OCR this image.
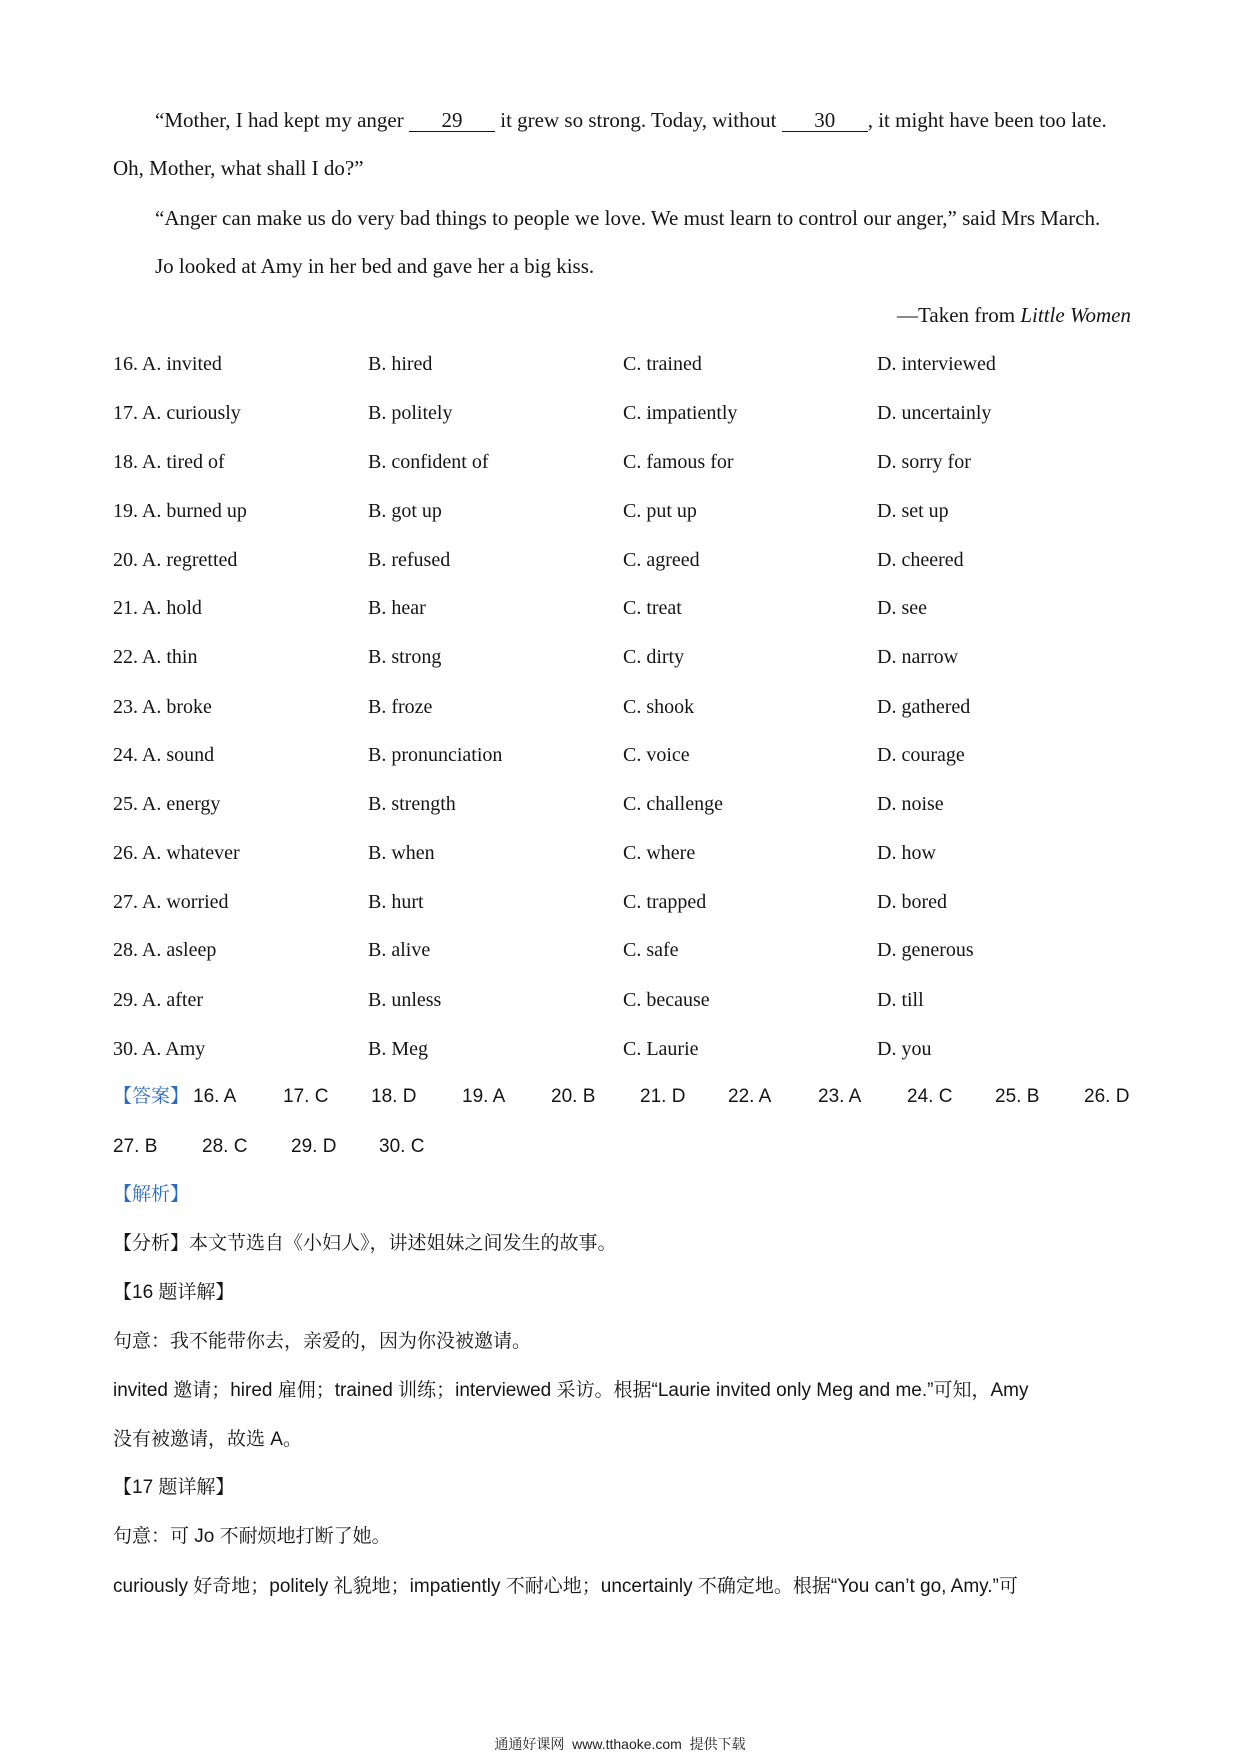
“Mother, I had kept my anger 29 it grew so strong. Today, without 30 , it might have been too late.
Oh, Mother, what shall I do?”
“Anger can make us do very bad things to people we love. We must learn to control our anger,” said Mrs March.
Jo looked at Amy in her bed and gave her a big kiss.
—Taken from Little Women
16. A. invited	B. hired	C. trained	D. interviewed
17. A. curiously	B. politely	C. impatiently	D. uncertainly
18. A. tired of	B. confident of	C. famous for	D. sorry for
19. A. burned up	B. got up	C. put up	D. set up
20. A. regretted	B. refused	C. agreed	D. cheered
21. A. hold	B. hear	C. treat	D. see
22. A. thin	B. strong	C. dirty	D. narrow
23. A. broke	B. froze	C. shook	D. gathered
24. A. sound	B. pronunciation	C. voice	D. courage
25. A. energy	B. strength	C. challenge	D. noise
26. A. whatever	B. when	C. where	D. how
27. A. worried	B. hurt	C. trapped	D. bored
28. A. asleep	B. alive	C. safe	D. generous
29. A. after	B. unless	C. because	D. till
30. A. Amy	B. Meg	C. Laurie	D. you
【答案】 16. A 17. C 18. D 19. A 20. B 21. D 22. A 23. A 24. C 25. B 26. D
27. B 28. C 29. D 30. C
【解析】
【分析】本文节选自《小妇人》，讲述姐妹之间发生的故事。
【16 题详解】
句意：我不能带你去，亲爱的，因为你没被邀请。
invited 邀请；hired 雇佣；trained 训练；interviewed 采访。根据“Laurie invited only Meg and me.”可知，Amy
没有被邀请，故选 A。
【17 题详解】
句意：可 Jo 不耐烦地打断了她。
curiously 好奇地；politely 礼貌地；impatiently 不耐心地；uncertainly 不确定地。根据“You can’t go, Amy.”可
通通好课网  www.tthaoke.com  提供下载
